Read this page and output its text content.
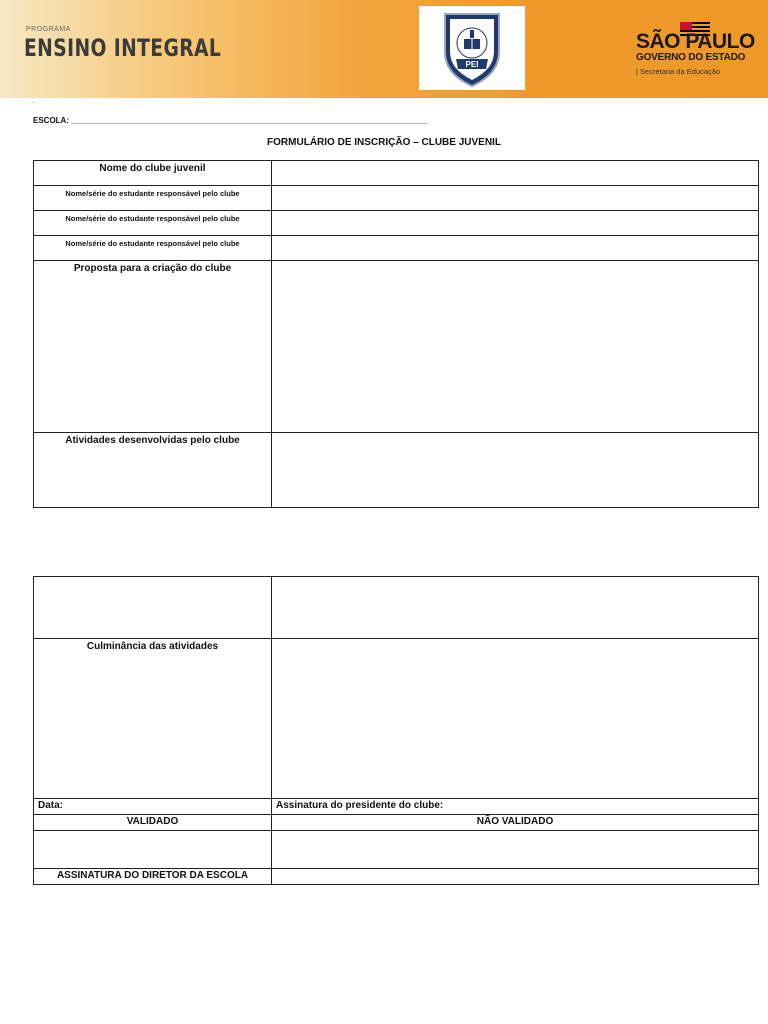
PROGRAMA
ENSINO INTEGRAL
PEI
SÃO PAULO
GOVERNO DO ESTADO
| Secretaria da Educação
.
ESCOLA: ________________________________________________________________________________
FORMULÁRIO DE INSCRIÇÃO – CLUBE JUVENIL
Nome do clube juvenil	
Nome/série do estudante responsável pelo clube	
Nome/série do estudante responsável pelo clube	
Nome/série do estudante responsável pelo clube	
Proposta para a criação do clube	
Atividades desenvolvidas pelo clube	

Culminância das atividades	
Data:	Assinatura do presidente do clube:
VALIDADO	NÃO VALIDADO

ASSINATURA DO DIRETOR DA ESCOLA	
